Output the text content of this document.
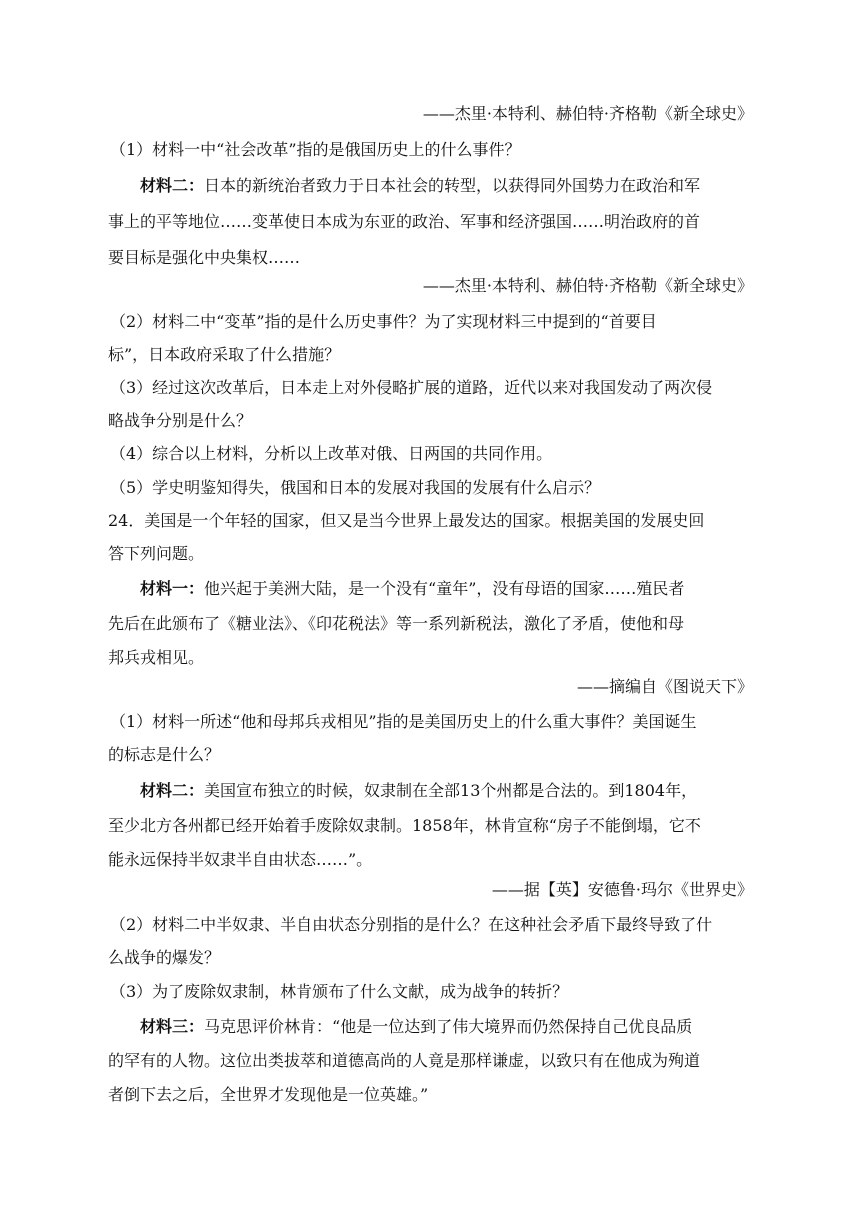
——杰里·本特利、赫伯特·齐格勒《新全球史》
（1）材料一中“社会改革”指的是俄国历史上的什么事件？
材料二：日本的新统治者致力于日本社会的转型，以获得同外国势力在政治和军
事上的平等地位……变革使日本成为东亚的政治、军事和经济强国……明治政府的首
要目标是强化中央集权……
——杰里·本特利、赫伯特·齐格勒《新全球史》
（2）材料二中“变革”指的是什么历史事件？为了实现材料三中提到的“首要目
标”，日本政府采取了什么措施？
（3）经过这次改革后，日本走上对外侵略扩展的道路，近代以来对我国发动了两次侵
略战争分别是什么？
（4）综合以上材料，分析以上改革对俄、日两国的共同作用。
（5）学史明鉴知得失，俄国和日本的发展对我国的发展有什么启示？
24．美国是一个年轻的国家，但又是当今世界上最发达的国家。根据美国的发展史回
答下列问题。
材料一：他兴起于美洲大陆，是一个没有“童年”，没有母语的国家……殖民者
先后在此颁布了《糖业法》、《印花税法》等一系列新税法，激化了矛盾，使他和母
邦兵戎相见。
——摘编自《图说天下》
（1）材料一所述“他和母邦兵戎相见”指的是美国历史上的什么重大事件？美国诞生
的标志是什么？
材料二：美国宣布独立的时候，奴隶制在全部13个州都是合法的。到1804年，
至少北方各州都已经开始着手废除奴隶制。1858年，林肯宣称“房子不能倒塌，它不
能永远保持半奴隶半自由状态……”。
——据【英】安德鲁·玛尔《世界史》
（2）材料二中半奴隶、半自由状态分别指的是什么？在这种社会矛盾下最终导致了什
么战争的爆发？
（3）为了废除奴隶制，林肯颁布了什么文献，成为战争的转折？
材料三：马克思评价林肯：“他是一位达到了伟大境界而仍然保持自己优良品质
的罕有的人物。这位出类拔萃和道德高尚的人竟是那样谦虚，以致只有在他成为殉道
者倒下去之后，全世界才发现他是一位英雄。”
